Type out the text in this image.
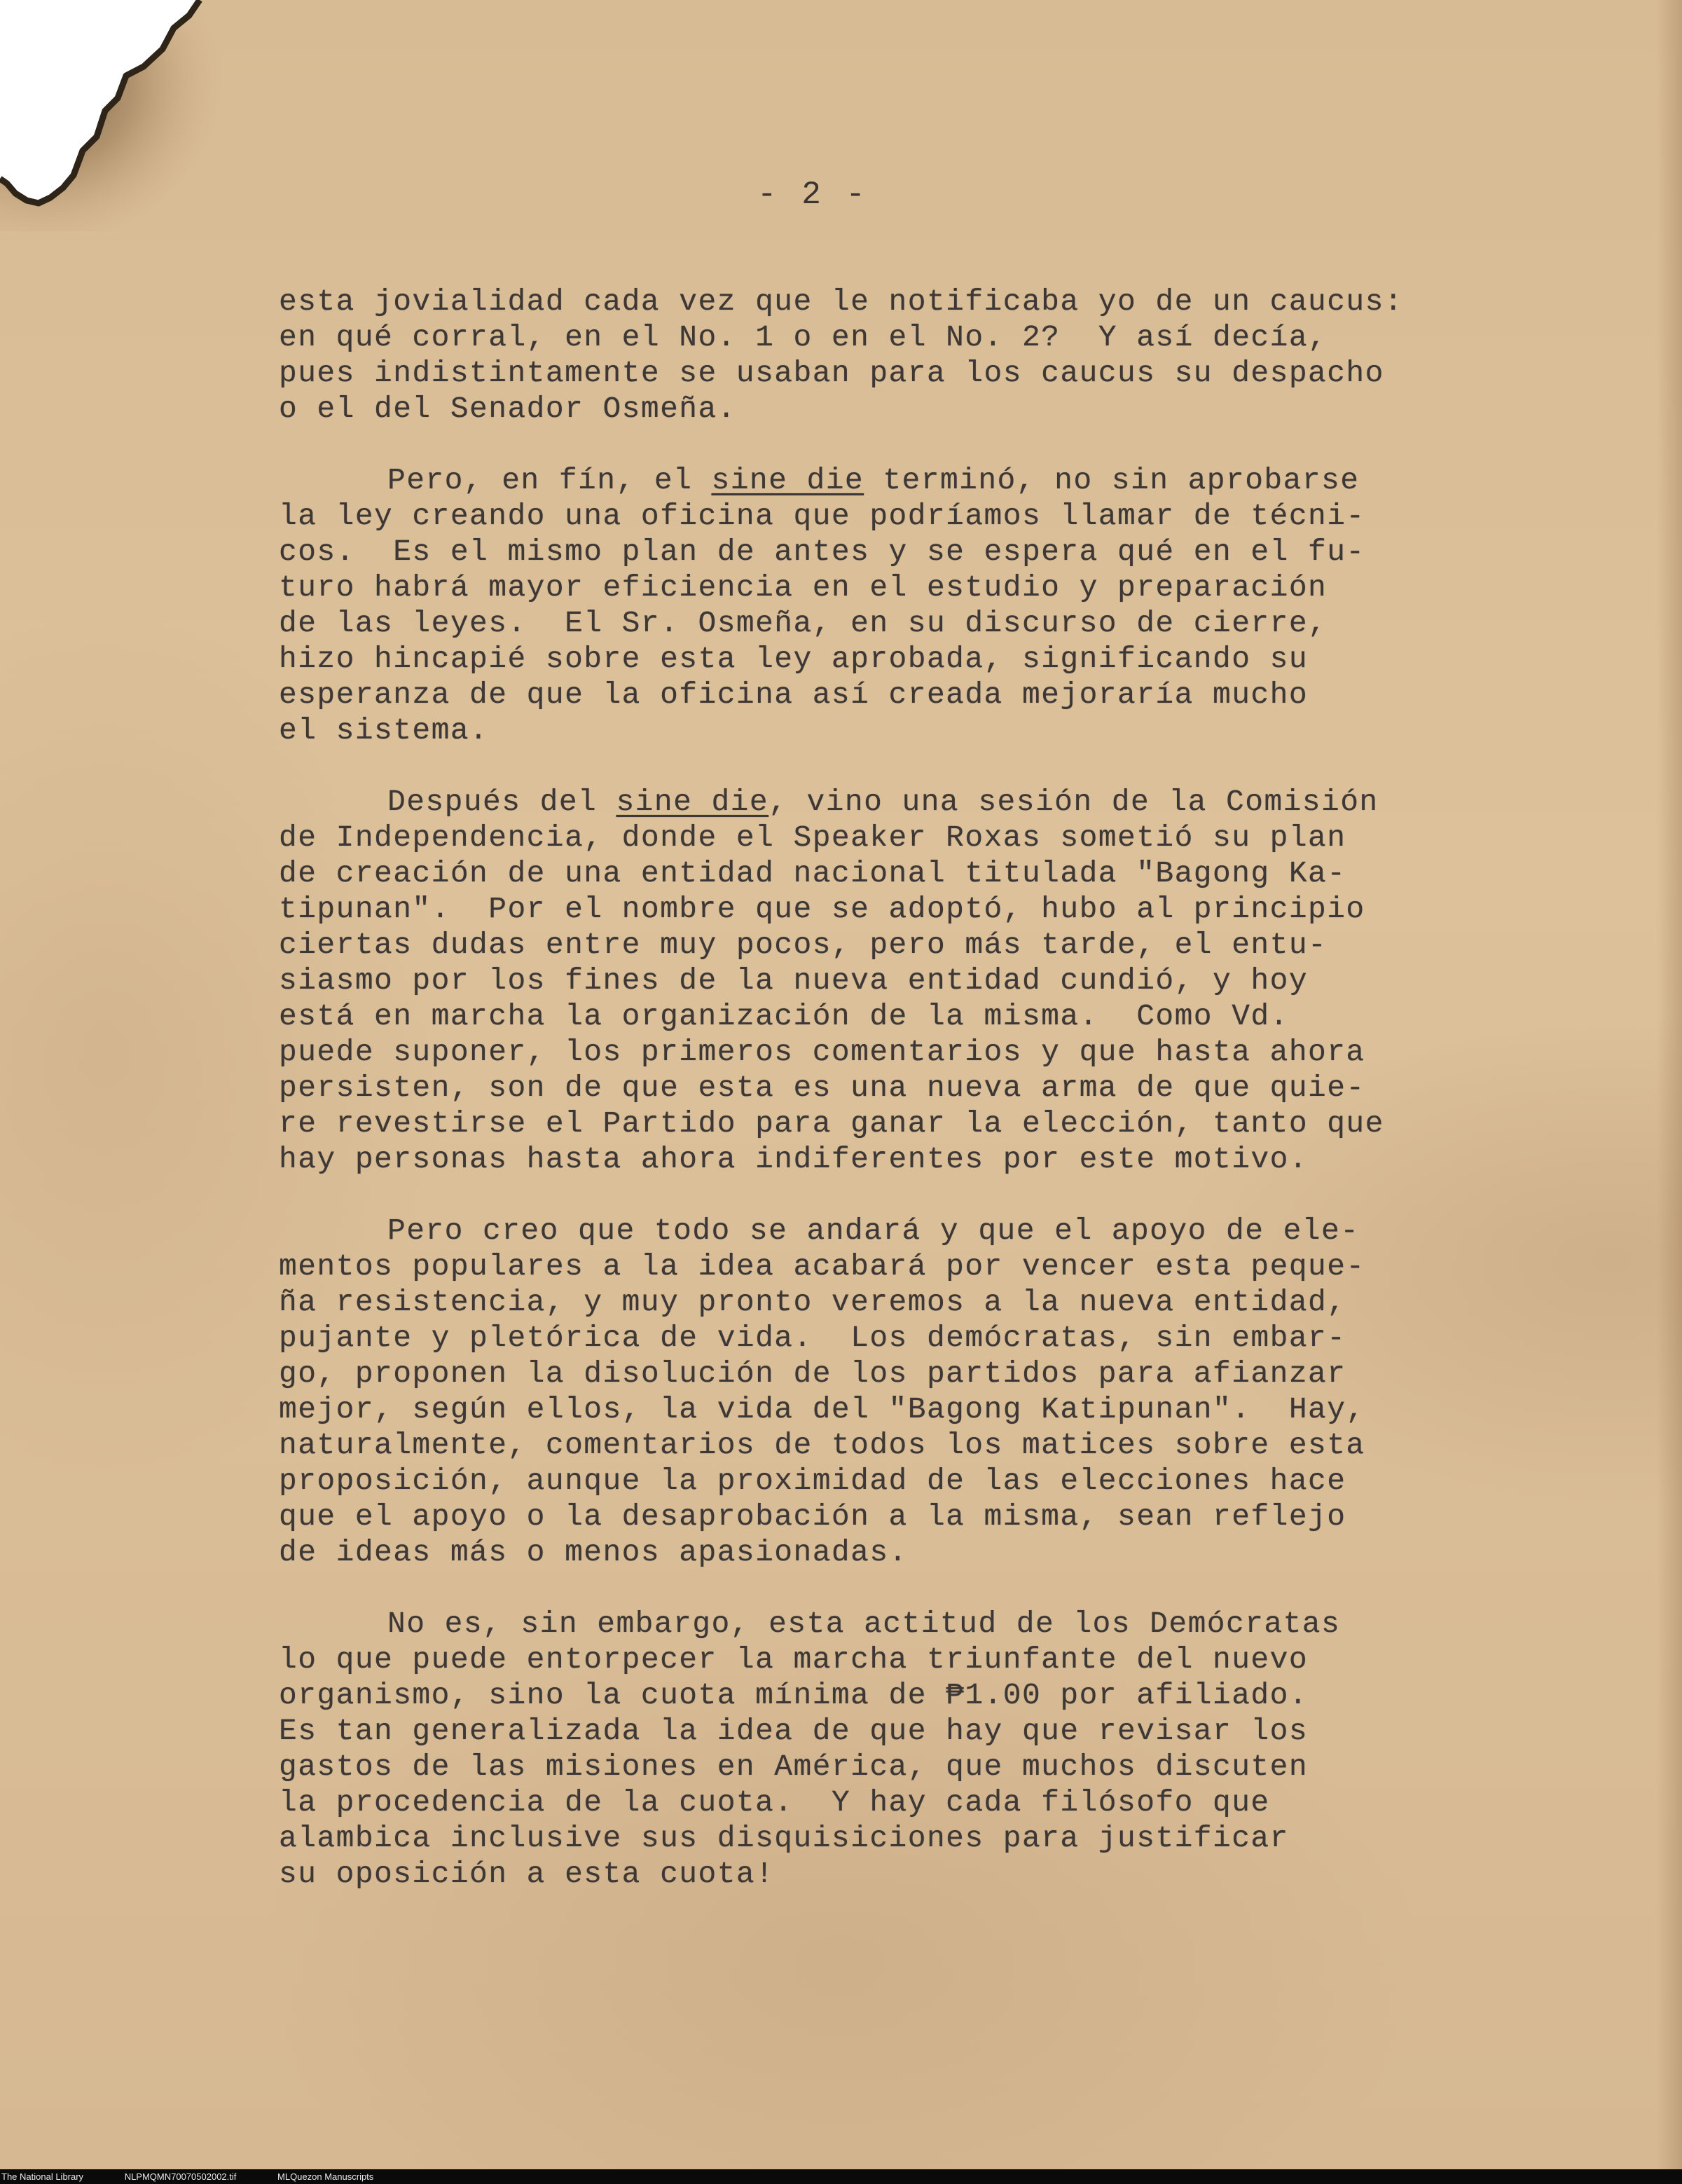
- 2 -
esta jovialidad cada vez que le notificaba yo de un caucus:
en qué corral, en el No. 1 o en el No. 2?  Y así decía,
pues indistintamente se usaban para los caucus su despacho
o el del Senador Osmeña.
Pero, en fín, el sine die terminó, no sin aprobarse
la ley creando una oficina que podríamos llamar de técni-
cos.  Es el mismo plan de antes y se espera qué en el fu-
turo habrá mayor eficiencia en el estudio y preparación
de las leyes.  El Sr. Osmeña, en su discurso de cierre,
hizo hincapié sobre esta ley aprobada, significando su
esperanza de que la oficina así creada mejoraría mucho
el sistema.
Después del sine die, vino una sesión de la Comisión
de Independencia, donde el Speaker Roxas sometió su plan
de creación de una entidad nacional titulada "Bagong Ka-
tipunan".  Por el nombre que se adoptó, hubo al principio
ciertas dudas entre muy pocos, pero más tarde, el entu-
siasmo por los fines de la nueva entidad cundió, y hoy
está en marcha la organización de la misma.  Como Vd.
puede suponer, los primeros comentarios y que hasta ahora
persisten, son de que esta es una nueva arma de que quie-
re revestirse el Partido para ganar la elección, tanto que
hay personas hasta ahora indiferentes por este motivo.
Pero creo que todo se andará y que el apoyo de ele-
mentos populares a la idea acabará por vencer esta peque-
ña resistencia, y muy pronto veremos a la nueva entidad,
pujante y pletórica de vida.  Los demócratas, sin embar-
go, proponen la disolución de los partidos para afianzar
mejor, según ellos, la vida del "Bagong Katipunan".  Hay,
naturalmente, comentarios de todos los matices sobre esta
proposición, aunque la proximidad de las elecciones hace
que el apoyo o la desaprobación a la misma, sean reflejo
de ideas más o menos apasionadas.
No es, sin embargo, esta actitud de los Demócratas
lo que puede entorpecer la marcha triunfante del nuevo
organismo, sino la cuota mínima de ₱1.00 por afiliado.
Es tan generalizada la idea de que hay que revisar los
gastos de las misiones en América, que muchos discuten
la procedencia de la cuota.  Y hay cada filósofo que
alambica inclusive sus disquisiciones para justificar
su oposición a esta cuota!
The National Library	NLPMQMN70070502002.tif	MLQuezon Manuscripts
